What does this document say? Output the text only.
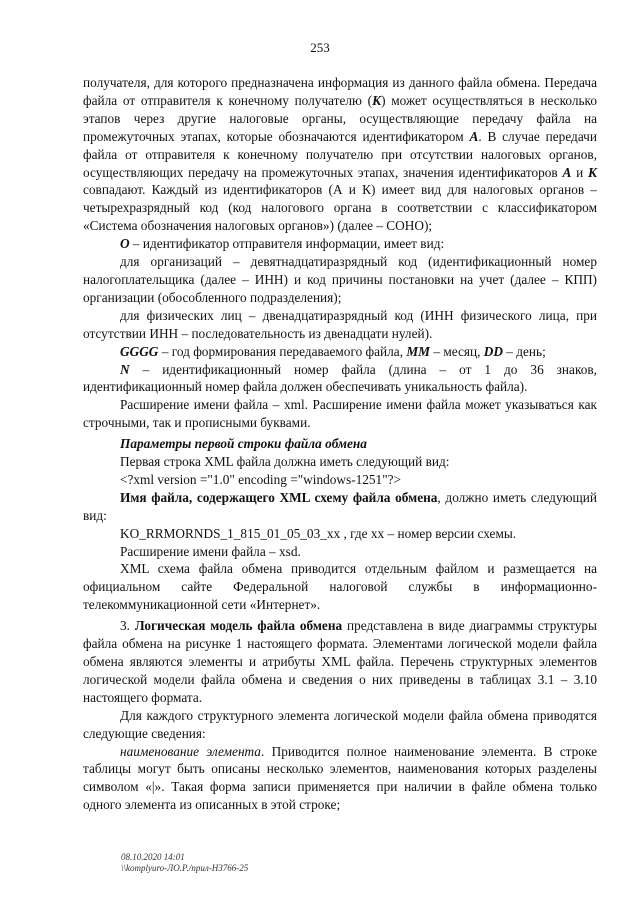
253

получателя, для которого предназначена информация из данного файла обмена. Передача файла от отправителя к конечному получателю (К) может осуществляться в несколько этапов через другие налоговые органы, осуществляющие передачу файла на промежуточных этапах, которые обозначаются идентификатором А. В случае передачи файла от отправителя к конечному получателю при отсутствии налоговых органов, осуществляющих передачу на промежуточных этапах, значения идентификаторов А и К совпадают. Каждый из идентификаторов (А и К) имеет вид для налоговых органов – четырехразрядный код (код налогового органа в соответствии с классификатором «Система обозначения налоговых органов») (далее – СОНО);

О – идентификатор отправителя информации, имеет вид:

для организаций – девятнадцатиразрядный код (идентификационный номер налогоплательщика (далее – ИНН) и код причины постановки на учет (далее – КПП) организации (обособленного подразделения);

для физических лиц – двенадцатиразрядный код (ИНН физического лица, при отсутствии ИНН – последовательность из двенадцати нулей).

GGGG – год формирования передаваемого файла, MM – месяц, DD – день;

N – идентификационный номер файла (длина – от 1 до 36 знаков, идентификационный номер файла должен обеспечивать уникальность файла).

Расширение имени файла – xml. Расширение имени файла может указываться как строчными, так и прописными буквами.

Параметры первой строки файла обмена

Первая строка XML файла должна иметь следующий вид:

<?xml version ="1.0" encoding ="windows-1251"?>

Имя файла, содержащего XML схему файла обмена, должно иметь следующий вид:

KO_RRMORNDS_1_815_01_05_03_xx , где хх – номер версии схемы.

Расширение имени файла – xsd.

XML схема файла обмена приводится отдельным файлом и размещается на официальном сайте Федеральной налоговой службы в информационно-телекоммуникационной сети «Интернет».

3. Логическая модель файла обмена представлена в виде диаграммы структуры файла обмена на рисунке 1 настоящего формата. Элементами логической модели файла обмена являются элементы и атрибуты XML файла. Перечень структурных элементов логической модели файла обмена и сведения о них приведены в таблицах 3.1 – 3.10 настоящего формата.

Для каждого структурного элемента логической модели файла обмена приводятся следующие сведения:

наименование элемента. Приводится полное наименование элемента. В строке таблицы могут быть описаны несколько элементов, наименования которых разделены символом «|». Такая форма записи применяется при наличии в файле обмена только одного элемента из описанных в этой строке;

08.10.2020 14:01
\\komplyuro-ЛО.Р./прил-НЗ766-25
